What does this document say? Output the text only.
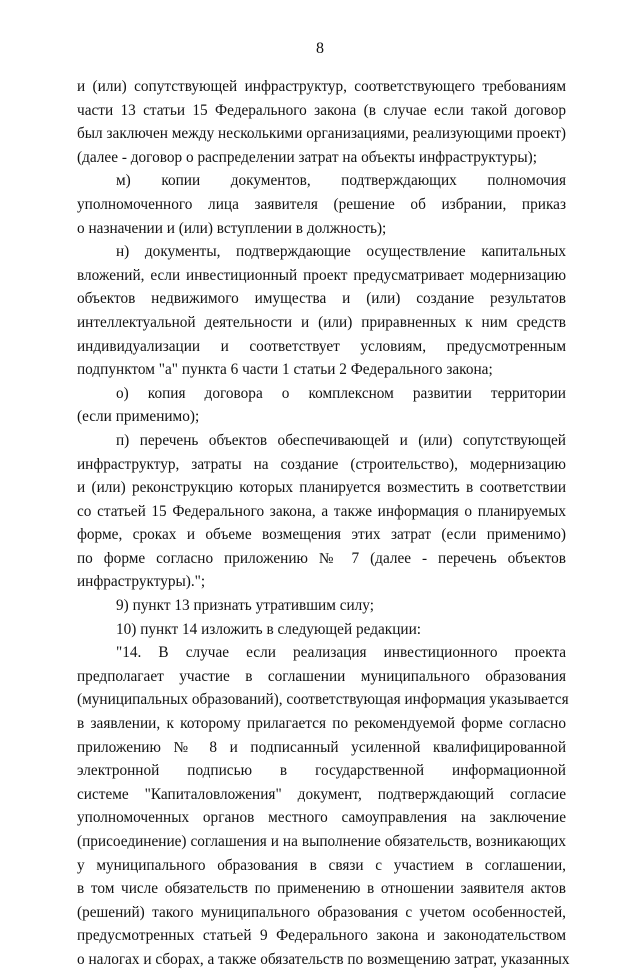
8
и (или) сопутствующей инфраструктур, соответствующего требованиям
части 13 статьи 15 Федерального закона (в случае если такой договор
был заключен между несколькими организациями, реализующими проект)
(далее - договор о распределении затрат на объекты инфраструктуры);
м) копии документов, подтверждающих полномочия
уполномоченного лица заявителя (решение об избрании, приказ
о назначении и (или) вступлении в должность);
н) документы, подтверждающие осуществление капитальных
вложений, если инвестиционный проект предусматривает модернизацию
объектов недвижимого имущества и (или) создание результатов
интеллектуальной деятельности и (или) приравненных к ним средств
индивидуализации и соответствует условиям, предусмотренным
подпунктом "а" пункта 6 части 1 статьи 2 Федерального закона;
о) копия договора о комплексном развитии территории
(если применимо);
п) перечень объектов обеспечивающей и (или) сопутствующей
инфраструктур, затраты на создание (строительство), модернизацию
и (или) реконструкцию которых планируется возместить в соответствии
со статьей 15 Федерального закона, а также информация о планируемых
форме, сроках и объеме возмещения этих затрат (если применимо)
по форме согласно приложению № 7 (далее - перечень объектов
инфраструктуры).";
9) пункт 13 признать утратившим силу;
10) пункт 14 изложить в следующей редакции:
"14. В случае если реализация инвестиционного проекта
предполагает участие в соглашении муниципального образования
(муниципальных образований), соответствующая информация указывается
в заявлении, к которому прилагается по рекомендуемой форме согласно
приложению № 8 и подписанный усиленной квалифицированной
электронной подписью в государственной информационной
системе "Капиталовложения" документ, подтверждающий согласие
уполномоченных органов местного самоуправления на заключение
(присоединение) соглашения и на выполнение обязательств, возникающих
у муниципального образования в связи с участием в соглашении,
в том числе обязательств по применению в отношении заявителя актов
(решений) такого муниципального образования с учетом особенностей,
предусмотренных статьей 9 Федерального закона и законодательством
о налогах и сборах, а также обязательств по возмещению затрат, указанных
